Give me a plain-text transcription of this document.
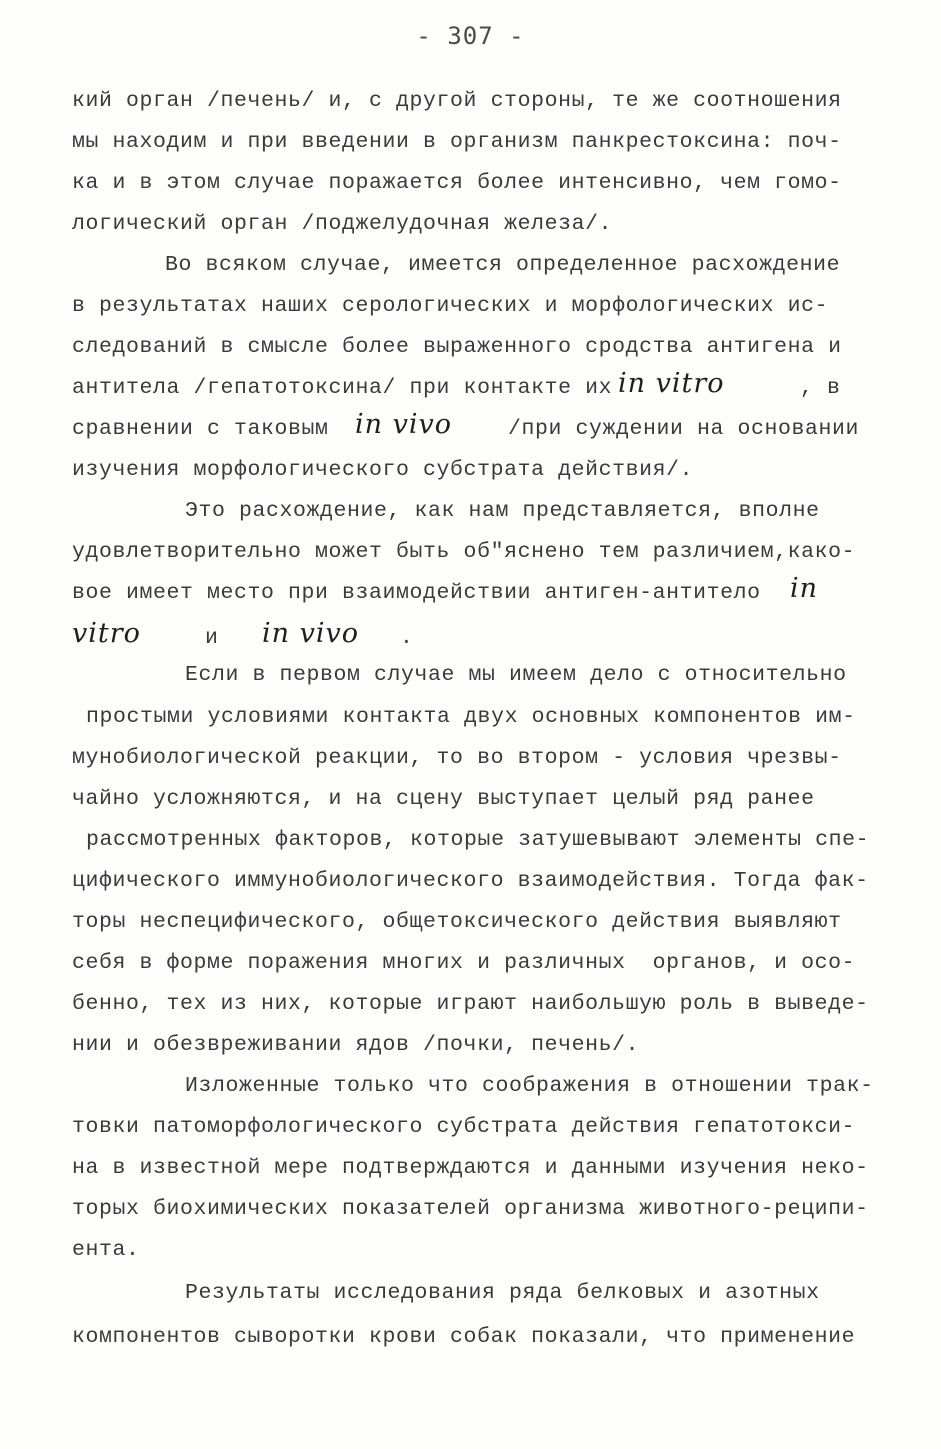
- 307 -
кий орган /печень/ и, с другой стороны, те же соотношения
мы находим и при введении в организм панкрестоксина: поч-
ка и в этом случае поражается более интенсивно, чем гомо-
логический орган /поджелудочная железа/.
Во всяком случае, имеется определенное расхождение
в результатах наших серологических и морфологических ис-
следований в смысле более выраженного сродства антигена и
антитела /гепатотоксина/ при контакте их in vitro	, в
сравнении с таковым in vivo	/при суждении на основании
изучения морфологического субстрата действия/.
Это расхождение, как нам представляется, вполне
удовлетворительно может быть об"яснено тем различием,како-
вое имеет место при взаимодействии антиген-антитело in
vitro	и in vivo .
Если в первом случае мы имеем дело с относительно
простыми условиями контакта двух основных компонентов им-
мунобиологической реакции, то во втором - условия чрезвы-
чайно усложняются, и на сцену выступает целый ряд ранее
рассмотренных факторов, которые затушевывают элементы спе-
цифического иммунобиологического взаимодействия. Тогда фак-
торы неспецифического, общетоксического действия выявляют
себя в форме поражения многих и различных  органов, и осо-
бенно, тех из них, которые играют наибольшую роль в выведе-
нии и обезвреживании ядов /почки, печень/.
Изложенные только что соображения в отношении трак-
товки патоморфологического субстрата действия гепатотокси-
на в известной мере подтверждаются и данными изучения неко-
торых биохимических показателей организма животного-реципи-
ента.
Результаты исследования ряда белковых и азотных
компонентов сыворотки крови собак показали, что применение
